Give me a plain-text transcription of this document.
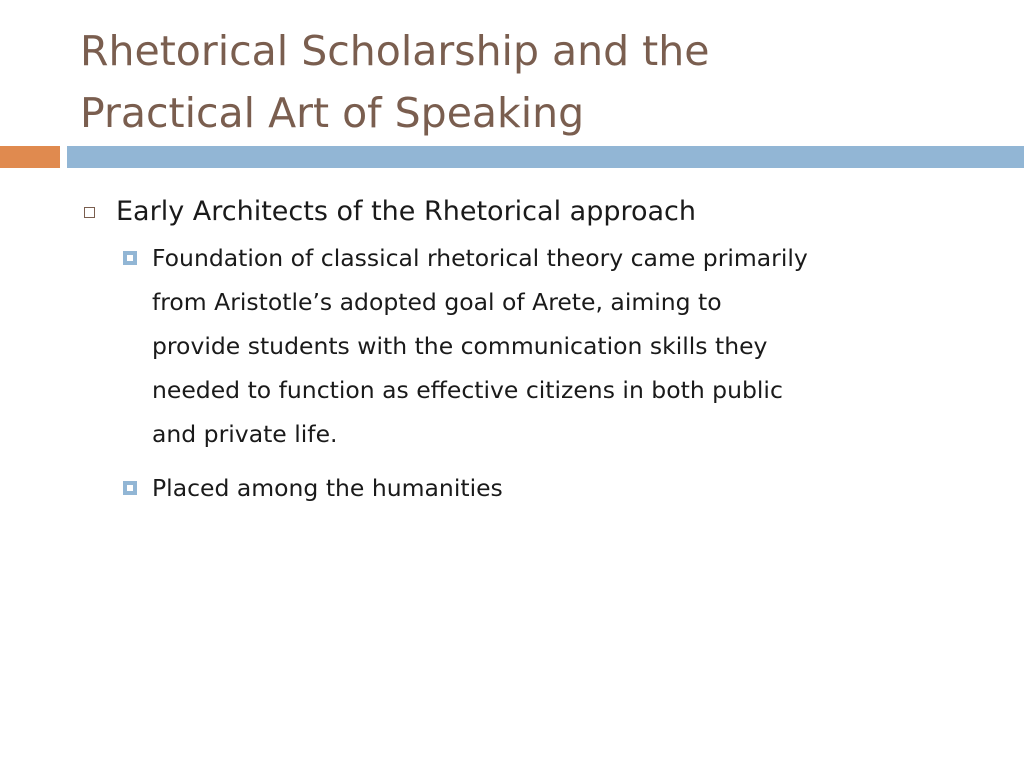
Rhetorical Scholarship and the
Practical Art of Speaking
Early Architects of the Rhetorical approach
Foundation of classical rhetorical theory came primarily
from Aristotle’s adopted goal of Arete, aiming to
provide students with the communication skills they
needed to function as effective citizens in both public
and private life.
Placed among the humanities
